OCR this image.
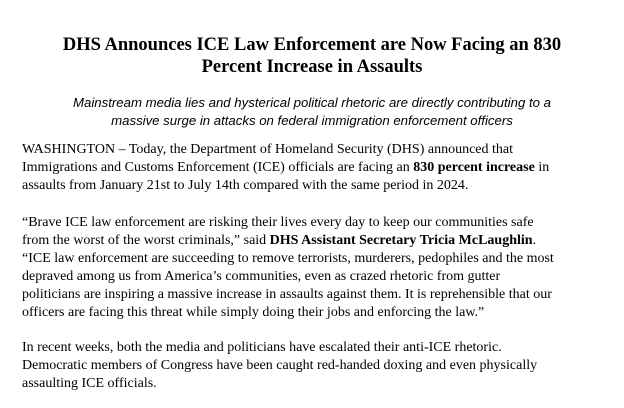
DHS Announces ICE Law Enforcement are Now Facing an 830
Percent Increase in Assaults

Mainstream media lies and hysterical political rhetoric are directly contributing to a
massive surge in attacks on federal immigration enforcement officers

WASHINGTON – Today, the Department of Homeland Security (DHS) announced that
Immigrations and Customs Enforcement (ICE) officials are facing an 830 percent increase in
assaults from January 21st to July 14th compared with the same period in 2024.

“Brave ICE law enforcement are risking their lives every day to keep our communities safe
from the worst of the worst criminals,” said DHS Assistant Secretary Tricia McLaughlin.
“ICE law enforcement are succeeding to remove terrorists, murderers, pedophiles and the most
depraved among us from America’s communities, even as crazed rhetoric from gutter
politicians are inspiring a massive increase in assaults against them. It is reprehensible that our
officers are facing this threat while simply doing their jobs and enforcing the law.”

In recent weeks, both the media and politicians have escalated their anti-ICE rhetoric.
Democratic members of Congress have been caught red-handed doxing and even physically
assaulting ICE officials.
